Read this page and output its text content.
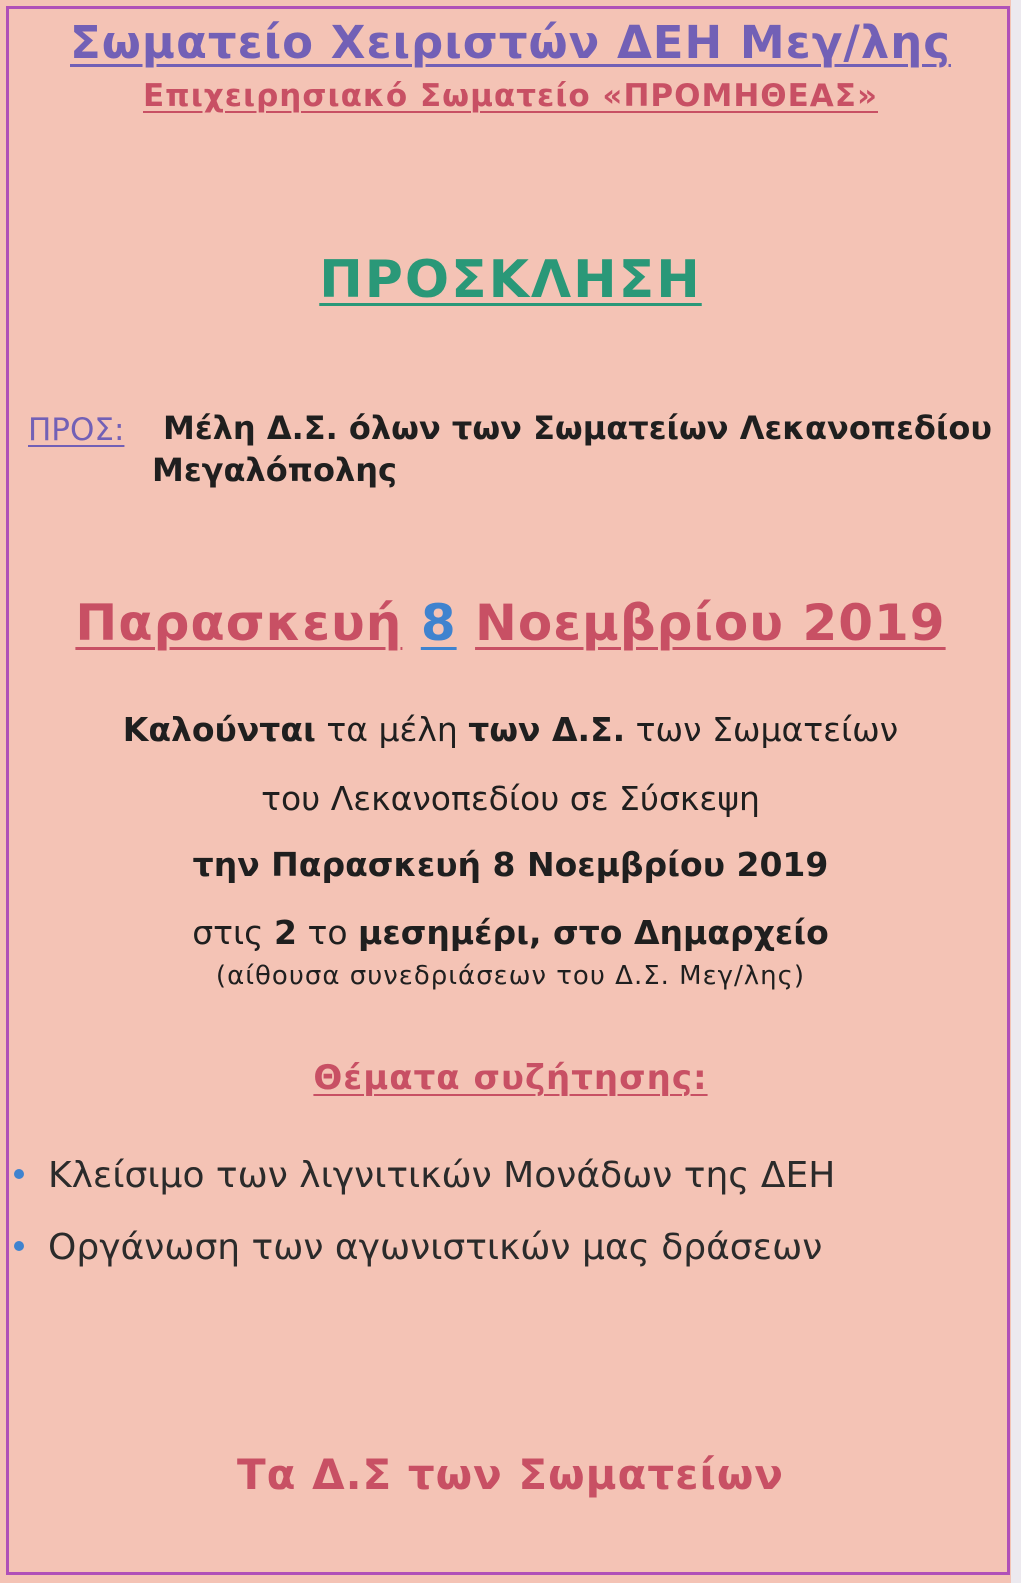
Σωματείο Χειριστών ΔΕΗ Μεγ/λης
Επιχειρησιακό Σωματείο «ΠΡΟΜΗΘΕΑΣ»
ΠΡΟΣΚΛΗΣΗ
ΠΡΟΣ: Μέλη Δ.Σ. όλων των Σωματείων Λεκανοπεδίου
Μεγαλόπολης
Παρασκευή 8 Νοεμβρίου 2019
Καλούνται τα μέλη των Δ.Σ. των Σωματείων
του Λεκανοπεδίου σε Σύσκεψη
την Παρασκευή 8 Νοεμβρίου 2019
στις 2 το μεσημέρι, στο Δημαρχείο
(αίθουσα συνεδριάσεων του Δ.Σ. Μεγ/λης)
Θέματα συζήτησης:
Κλείσιμο των λιγνιτικών Μονάδων της ΔΕΗ
Οργάνωση των αγωνιστικών μας δράσεων
Τα Δ.Σ των Σωματείων
